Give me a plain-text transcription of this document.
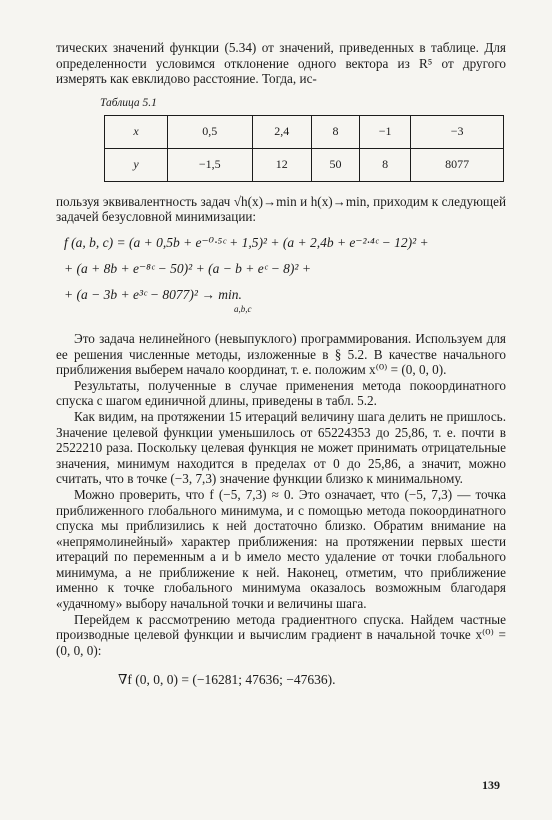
тических значений функции (5.34) от значений, приведенных в таблице. Для определенности условимся отклонение одного вектора из R⁵ от другого измерять как евклидово расстояние. Тогда, ис-

Таблица 5.1
x	0,5	2,4	8	−1	−3
y	−1,5	12	50	8	8077

пользуя эквивалентность задач √h(x)→min и h(x)→min, приходим к следующей задачей безусловной минимизации:

f (a, b, c) = (a + 0,5b + e⁻⁰·⁵ᶜ + 1,5)² + (a + 2,4b + e⁻²·⁴ᶜ − 12)² +
+ (a + 8b + e⁻⁸ᶜ − 50)² + (a − b + eᶜ − 8)² +
+ (a − 3b + e³ᶜ − 8077)² → min.
a,b,c

Это задача нелинейного (невыпуклого) программирования. Используем для ее решения численные методы, изложенные в § 5.2. В качестве начального приближения выберем начало координат, т. е. положим x⁽⁰⁾ = (0, 0, 0).

Результаты, полученные в случае применения метода покоординатного спуска с шагом единичной длины, приведены в табл. 5.2.

Как видим, на протяжении 15 итераций величину шага делить не пришлось. Значение целевой функции уменьшилось от 65224353 до 25,86, т. е. почти в 2522210 раза. Поскольку целевая функция не может принимать отрицательные значения, минимум находится в пределах от 0 до 25,86, а значит, можно считать, что в точке (−3, 7,3) значение функции близко к минимальному.

Можно проверить, что f (−5, 7,3) ≈ 0. Это означает, что (−5, 7,3) — точка приближенного глобального минимума, и с помощью метода покоординатного спуска мы приблизились к ней достаточно близко. Обратим внимание на «непрямолинейный» характер приближения: на протяжении первых шести итераций по переменным a и b имело место удаление от точки глобального минимума, а не приближение к ней. Наконец, отметим, что приближение именно к точке глобального минимума оказалось возможным благодаря «удачному» выбору начальной точки и величины шага.

Перейдем к рассмотрению метода градиентного спуска. Найдем частные производные целевой функции и вычислим градиент в начальной точке x⁽⁰⁾ = (0, 0, 0):

∇f (0, 0, 0) = (−16281; 47636; −47636).
139
